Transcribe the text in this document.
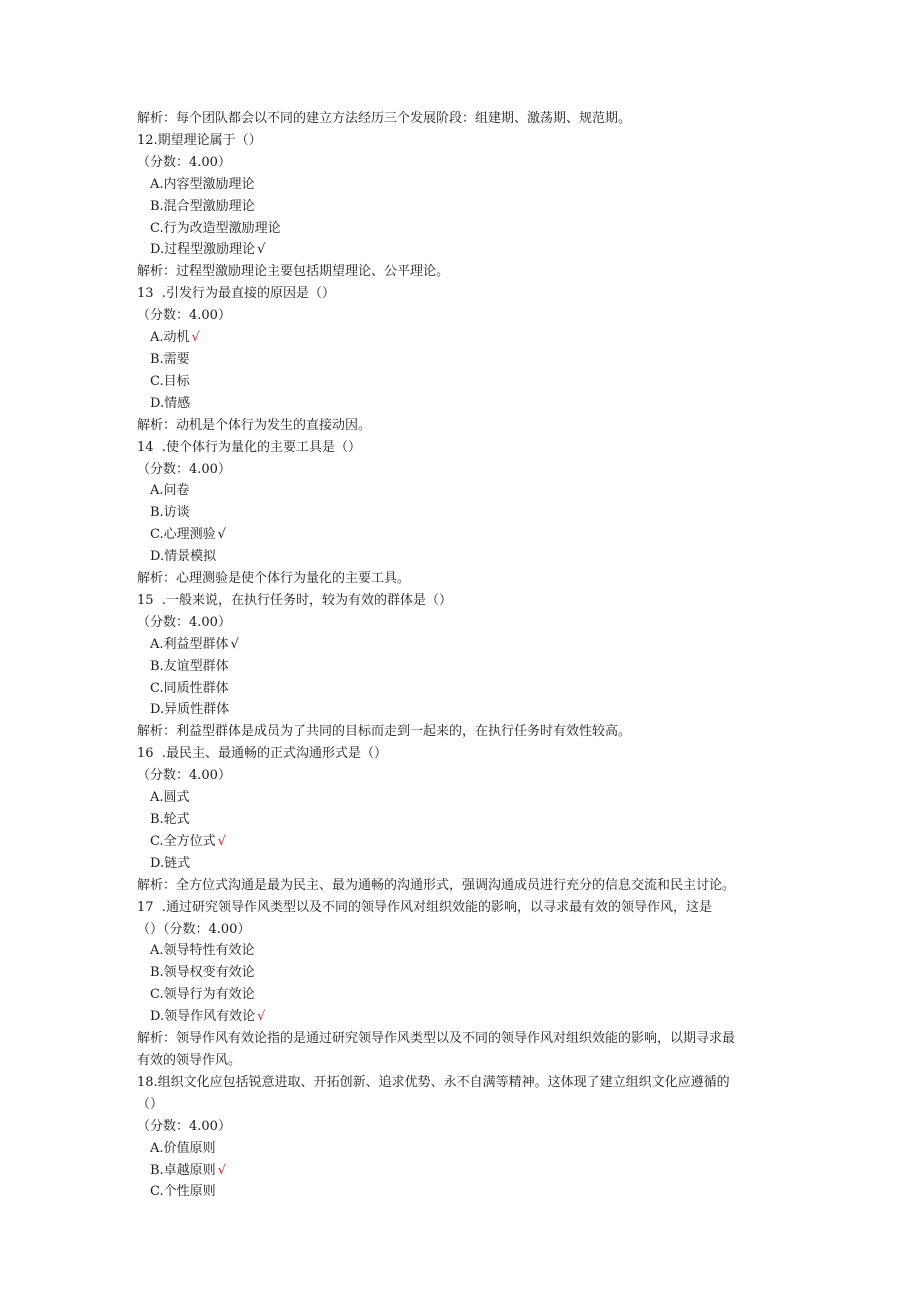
解析：每个团队都会以不同的建立方法经历三个发展阶段：组建期、激荡期、规范期。
12.期望理论属于（）
（分数：4.00）
A.内容型激励理论
B.混合型激励理论
C.行为改造型激励理论
D.过程型激励理论 √
解析：过程型激励理论主要包括期望理论、公平理论。
13  .引发行为最直接的原因是（）
（分数：4.00）
A.动机 √
B.需要
C.目标
D.情感
解析：动机是个体行为发生的直接动因。
14  .使个体行为量化的主要工具是（）
（分数：4.00）
A.问卷
B.访谈
C.心理测验 √
D.情景模拟
解析：心理测验是使个体行为量化的主要工具。
15  .一般来说，在执行任务时，较为有效的群体是（）
（分数：4.00）
A.利益型群体 √
B.友谊型群体
C.同质性群体
D.异质性群体
解析：利益型群体是成员为了共同的目标而走到一起来的，在执行任务时有效性较高。
16  .最民主、最通畅的正式沟通形式是（）
（分数：4.00）
A.圆式
B.轮式
C.全方位式 √
D.链式
解析：全方位式沟通是最为民主、最为通畅的沟通形式，强调沟通成员进行充分的信息交流和民主讨论。
17  .通过研究领导作风类型以及不同的领导作风对组织效能的影响，以寻求最有效的领导作风，这是
（）（分数：4.00）
A.领导特性有效论
B.领导权变有效论
C.领导行为有效论
D.领导作风有效论 √
解析：领导作风有效论指的是通过研究领导作风类型以及不同的领导作风对组织效能的影响，以期寻求最
有效的领导作风。
18.组织文化应包括锐意进取、开拓创新、追求优势、永不自满等精神。这体现了建立组织文化应遵循的
（）
（分数：4.00）
A.价值原则
B.卓越原则 √
C.个性原则
